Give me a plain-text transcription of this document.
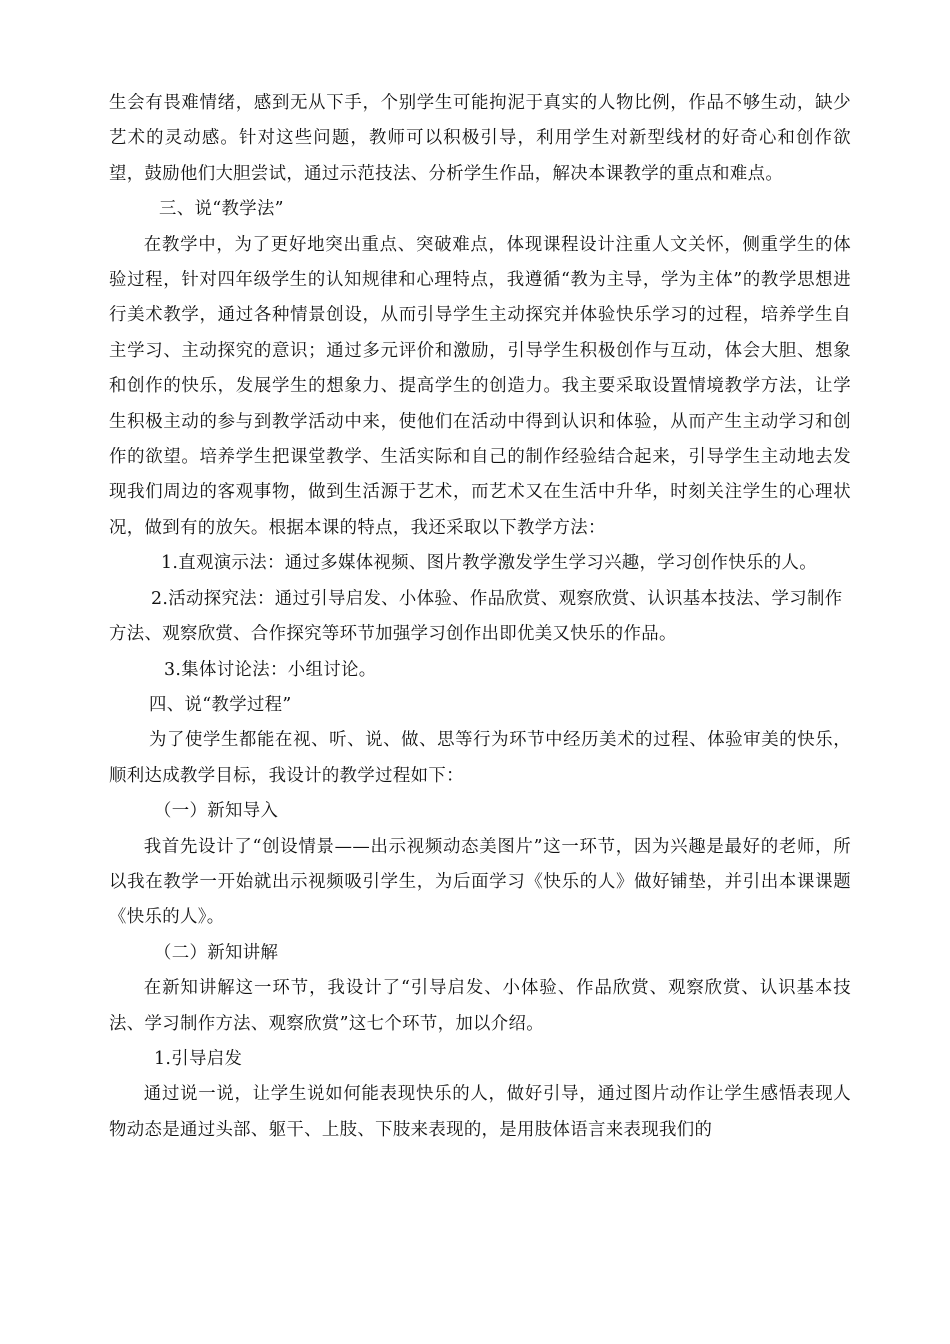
生会有畏难情绪，感到无从下手，个别学生可能拘泥于真实的人物比例，作品不够生动，缺少艺术的灵动感。针对这些问题，教师可以积极引导，利用学生对新型线材的好奇心和创作欲望，鼓励他们大胆尝试，通过示范技法、分析学生作品，解决本课教学的重点和难点。

三、说“教学法”

在教学中，为了更好地突出重点、突破难点，体现课程设计注重人文关怀，侧重学生的体验过程，针对四年级学生的认知规律和心理特点，我遵循“教为主导，学为主体”的教学思想进行美术教学，通过各种情景创设，从而引导学生主动探究并体验快乐学习的过程，培养学生自主学习、主动探究的意识；通过多元评价和激励，引导学生积极创作与互动，体会大胆、想象和创作的快乐，发展学生的想象力、提高学生的创造力。我主要采取设置情境教学方法，让学生积极主动的参与到教学活动中来，使他们在活动中得到认识和体验，从而产生主动学习和创作的欲望。培养学生把课堂教学、生活实际和自己的制作经验结合起来，引导学生主动地去发现我们周边的客观事物，做到生活源于艺术，而艺术又在生活中升华，时刻关注学生的心理状况，做到有的放矢。根据本课的特点，我还采取以下教学方法：

1.直观演示法：通过多媒体视频、图片教学激发学生学习兴趣，学习创作快乐的人。

2.活动探究法：通过引导启发、小体验、作品欣赏、观察欣赏、认识基本技法、学习制作方法、观察欣赏、合作探究等环节加强学习创作出即优美又快乐的作品。

3.集体讨论法：小组讨论。

四、说“教学过程”

为了使学生都能在视、听、说、做、思等行为环节中经历美术的过程、体验审美的快乐，顺利达成教学目标，我设计的教学过程如下：

（一）新知导入

我首先设计了“创设情景——出示视频动态美图片”这一环节，因为兴趣是最好的老师，所以我在教学一开始就出示视频吸引学生，为后面学习《快乐的人》做好铺垫，并引出本课课题《快乐的人》。

（二）新知讲解

在新知讲解这一环节，我设计了“引导启发、小体验、作品欣赏、观察欣赏、认识基本技法、学习制作方法、观察欣赏”这七个环节，加以介绍。

1.引导启发

通过说一说，让学生说如何能表现快乐的人，做好引导，通过图片动作让学生感悟表现人物动态是通过头部、躯干、上肢、下肢来表现的，是用肢体语言来表现我们的
